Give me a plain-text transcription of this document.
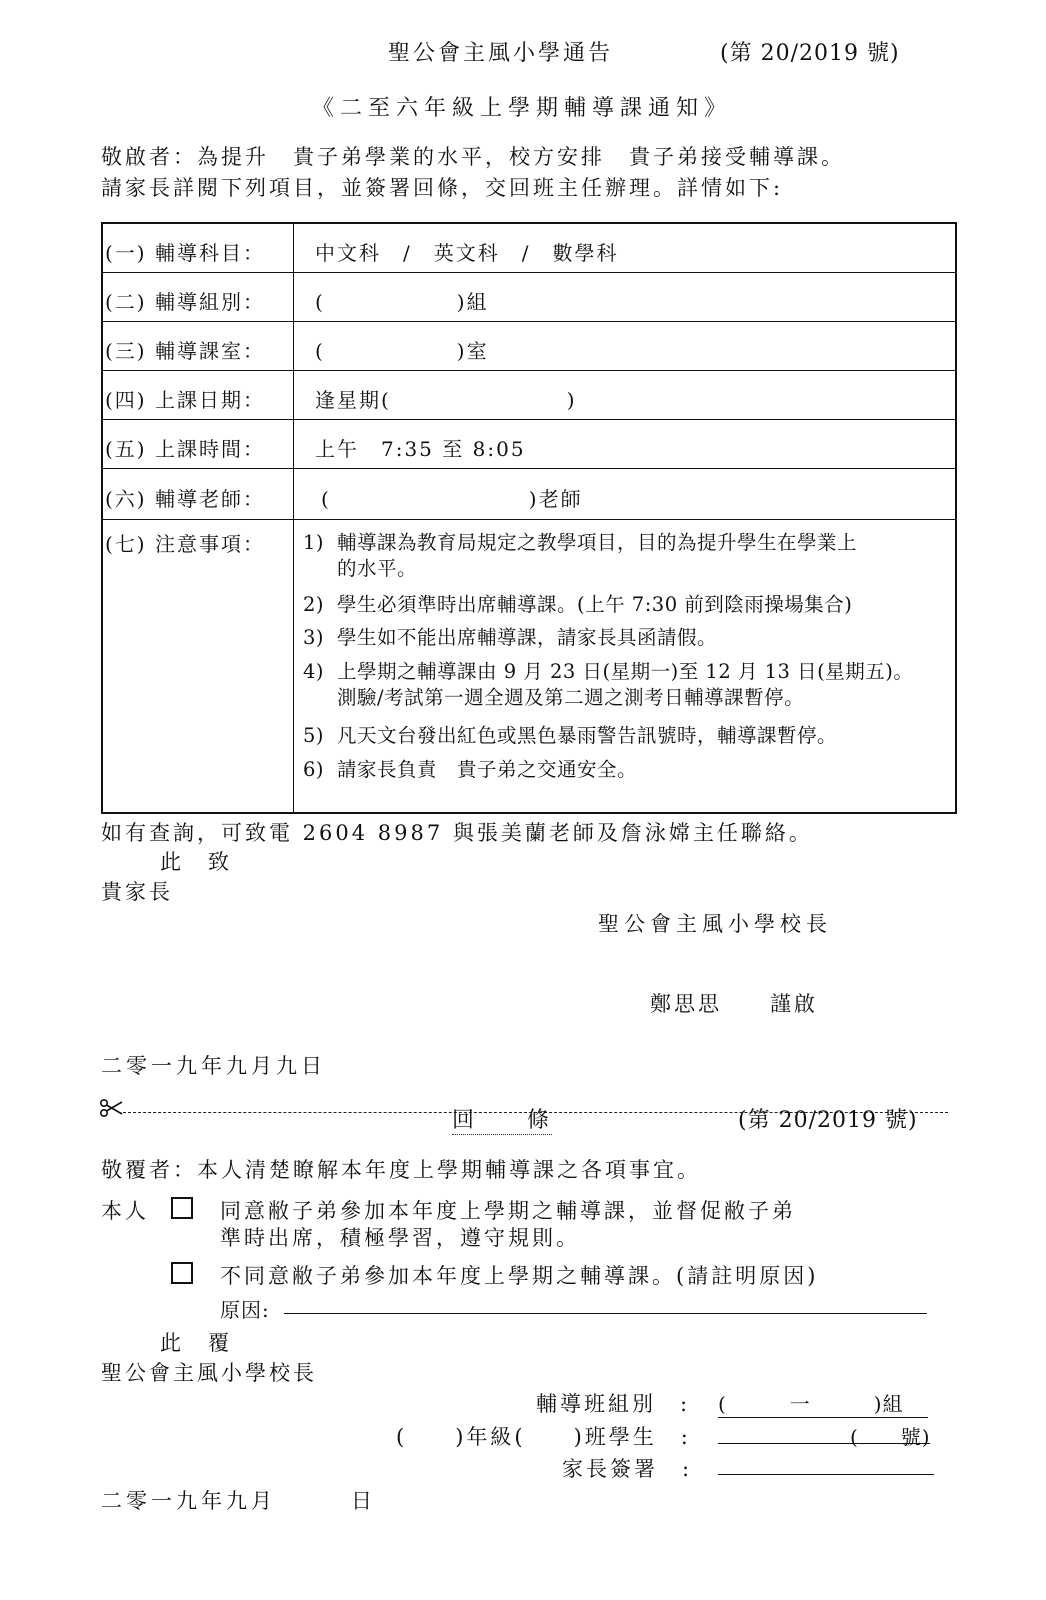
聖公會主風小學通告	(第 20/2019 號)
《二至六年級上學期輔導課通知》
敬啟者：為提升　貴子弟學業的水平，校方安排　貴子弟接受輔導課。
請家長詳閱下列項目，並簽署回條，交回班主任辦理。詳情如下:
(一) 輔導科目：	中文科　/　英文科　/　數學科
(二) 輔導組別：	(　　　　　　)組
(三) 輔導課室：	(　　　　　　)室
(四) 上課日期：	逢星期(　　　　　　　　)
(五) 上課時間：	上午　7:35 至 8:05
(六) 輔導老師：	(　　　　　　　　　)老師
(七) 注意事項： 1) 輔導課為教育局規定之教學項目，目的為提升學生在學業上
的水平。
2) 學生必須準時出席輔導課。(上午 7:30 前到陰雨操場集合)
3) 學生如不能出席輔導課，請家長具函請假。
4) 上學期之輔導課由 9 月 23 日(星期一)至 12 月 13 日(星期五)。
測驗/考試第一週全週及第二週之測考日輔導課暫停。
5) 凡天文台發出紅色或黑色暴雨警告訊號時，輔導課暫停。
6) 請家長負責　貴子弟之交通安全。
如有查詢，可致電 2604 8987 與張美蘭老師及詹泳嫦主任聯絡。
此　致
貴家長
聖公會主風小學校長
鄭思思 謹啟
二零一九年九月九日
回　　條	(第 20/2019 號)
敬覆者：本人清楚瞭解本年度上學期輔導課之各項事宜。
本人	同意敝子弟參加本年度上學期之輔導課，並督促敝子弟
準時出席，積極學習，遵守規則。
不同意敝子弟參加本年度上學期之輔導課。(請註明原因)
原因:
此　覆
聖公會主風小學校長
輔導班組別　: (　　　一　　　)組
(　　)年級(　　)班學生　:	(　　號)
家長簽署　:
二零一九年九月　　　日
